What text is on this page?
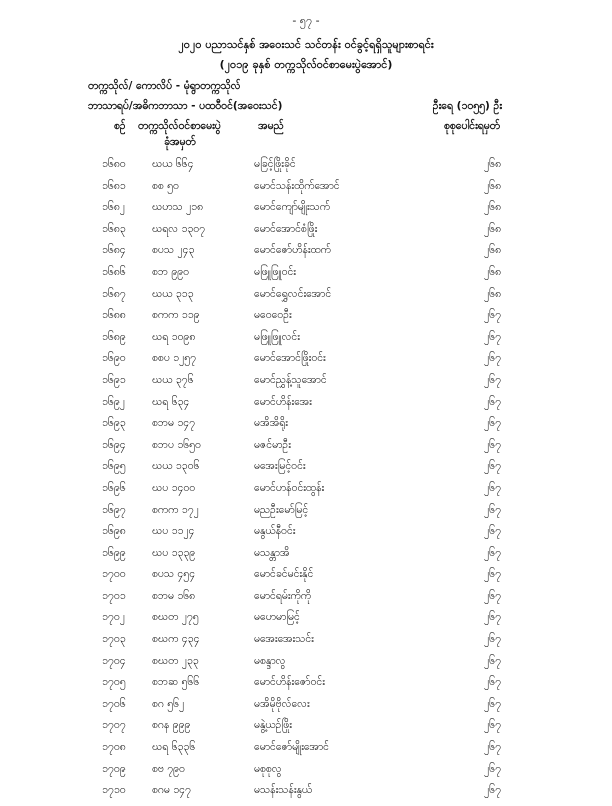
- ၅၇ -
၂၀၂၀ ပညာသင်နှစ် အဝေးသင် သင်တန်း ဝင်ခွင့်ရရှိသူများစာရင်း
(၂၀၁၉ ခုနှစ် တက္ကသိုလ်ဝင်စာမေးပွဲအောင်)
တက္ကသိုလ်/ ကောလိပ် - မုံရွာတက္ကသိုလ်
ဘာသာရပ်/အဓိကဘာသာ - ပထဝီဝင်(အဝေးသင်)	ဦးရေ (၁၀၅၅) ဦး
စဉ် တက္ကသိုလ်ဝင်စာမေးပွဲ
ခုံအမှတ်
အမည်	စုစုပေါင်းရမှတ်
၁၆၈၀	ဃယ ၆၆၄	မခြင့်ဖြိုးခိုင်	၂၆၈
၁၆၈၁	စစ ၅၀	မောင်သန်းထိုက်အောင်	၂၆၈
၁၆၈၂	ဃဟသ ၂၁၈	မောင်ကျော်မျိုးသက်	၂၆၈
၁၆၈၃	ဃရလ ၁၃၀၇	မောင်အောင်စံဖြိုး	၂၆၈
၁၆၈၄	စပသ ၂၄၃	မောင်ဇော်ဟိန်းထက်	၂၆၈
၁၆၈၆	စဘ ၉၉၀	မဖြူဖြူဝင်း	၂၆၈
၁၆၈၇	ဃယ ၃၁၃	မောင်ရွှေလင်းအောင်	၂၆၈
၁၆၈၈ စကက ၁၁၉	မဝေဝေဦး	၂၆၇
၁၆၈၉	ဃရ ၁၀၉၈	မဖြူဖြူလင်း	၂၆၇
၁၆၉၀	စစပ ၁၂၅၇	မောင်အောင်ဖြိုးဝင်း	၂၆၇
၁၆၉၁	ဃယ ၃၇၆	မောင်ညွှန့်သူအောင်	၂၆၇
၁၆၉၂	ဃရ ၆၃၄	မောင်ဟိန်းအေး	၂၆၇
၁၆၉၃	စဘမ ၁၄၇	မအိအိရိုး	၂၆၇
၁၆၉၄	စဘပ ၁၆၅၀	မဇင်မာဦး	၂၆၇
၁၆၉၅	ဃယ ၁၃၀၆	မအေးမြင့်ဝင်း	၂၆၇
၁၆၉၆	ဃပ ၁၄၀၀	မောင်ဟန်ဝင်းထွန်း	၂၆၇
၁၆၉၇	စကက ၁၇၂	မညဦးမော်မြင့်	၂၆၇
၁၆၉၈	ဃပ ၁၁၂၄	မနွယ်နီဝင်း	၂၆၇
၁၆၉၉	ဃပ ၁၃၃၉	မသန္တာအိ	၂၆၇
၁၇၀၀	စပသ ၄၅၄	မောင်ခင်မင်းနိုင်	၂၆၇
၁၇၀၁	စဘမ ၁၆၈	မောင်ရမ်းကိုကို	၂၆၇
၁၇၀၂	စဃတ ၂၇၅	မဟေမာမြင့်	၂၆၇
၁၇၀၃	စဃက ၄၃၄	မအေးအေးသင်း	၂၆၇
၁၇၀၄	စဃတ ၂၃၃	မစန္ဒာလွ	၂၆၇
၁၇၀၅	စဘဆ ၅၆၆	မောင်ဟိန်းဇော်ဝင်း	၂၆၇
၁၇၀၆	စဂ ၅၆၂	မအိမိုဗိုလ်လေး	၂၆၇
၁၇၀၇	စဂန ၉၉၉	မနွဲ့ယဉ်ဖြိုး	၂၆၇
၁၇၀၈	ဃရ ၆၃၃၆	မောင်ဇော်မျိုးအောင်	၂၆၇
၁၇၀၉	စဗ ၇၉၀	မစုစုလွ	၂၆၇
၁၇၁၀	စဂမ ၁၄၇	မသန်းသန်းနွယ်	၂၆၇
